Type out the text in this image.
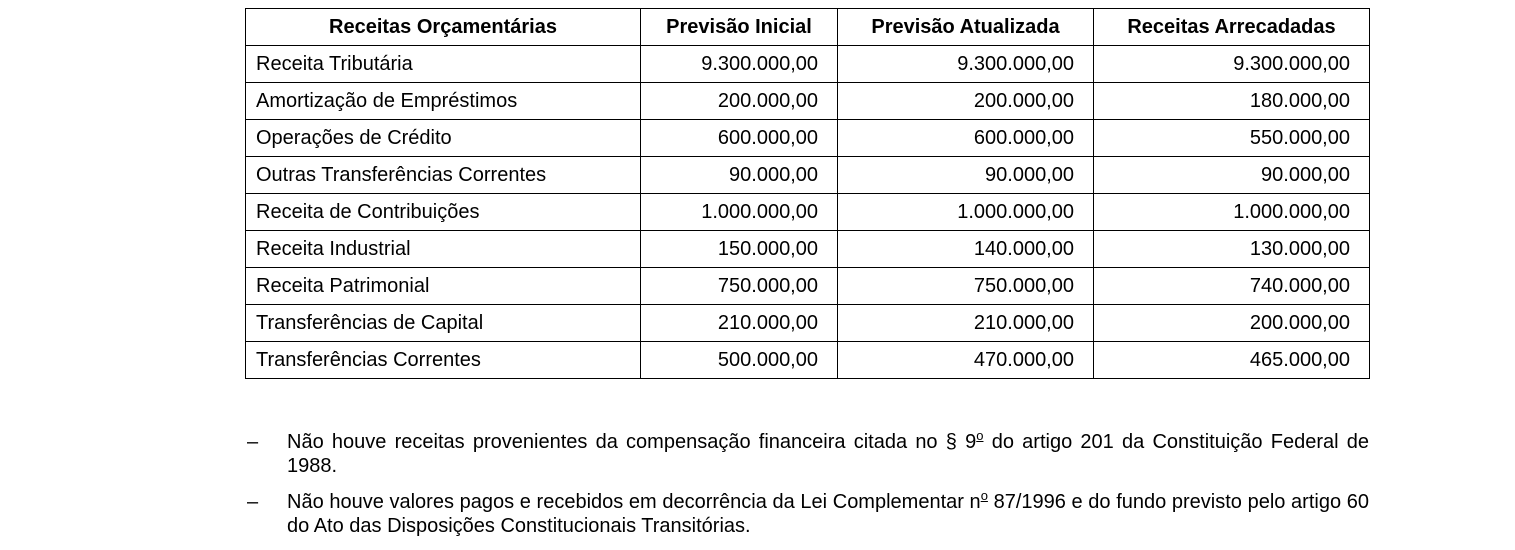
Receitas Orçamentárias	Previsão Inicial	Previsão Atualizada	Receitas Arrecadadas
Receita Tributária	9.300.000,00	9.300.000,00	9.300.000,00
Amortização de Empréstimos	200.000,00	200.000,00	180.000,00
Operações de Crédito	600.000,00	600.000,00	550.000,00
Outras Transferências Correntes	90.000,00	90.000,00	90.000,00
Receita de Contribuições	1.000.000,00	1.000.000,00	1.000.000,00
Receita Industrial	150.000,00	140.000,00	130.000,00
Receita Patrimonial	750.000,00	750.000,00	740.000,00
Transferências de Capital	210.000,00	210.000,00	200.000,00
Transferências Correntes	500.000,00	470.000,00	465.000,00
–	Não houve receitas provenientes da compensação financeira citada no § 9$^o$ do artigo 201 da Constituição Federal de 1988.
–	Não houve valores pagos e recebidos em decorrência da Lei Complementar $n^o$ 87/1996 e do fundo previsto pelo artigo 60 do Ato das Disposições Constitucionais Transitórias.
